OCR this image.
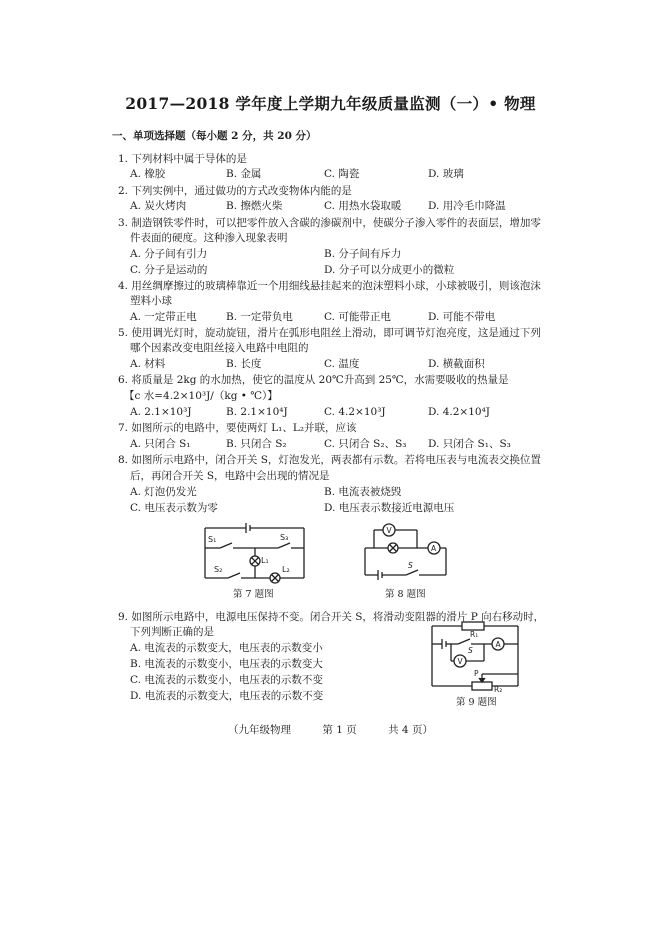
2017—2018 学年度上学期九年级质量监测（一）• 物理
一、单项选择题（每小题 2 分，共 20 分）
1. 下列材料中属于导体的是
A. 橡胶	B. 金属	C. 陶瓷	D. 玻璃
2. 下列实例中，通过做功的方式改变物体内能的是
A. 炭火烤肉	B. 擦燃火柴	C. 用热水袋取暖	D. 用冷毛巾降温
3. 制造钢铁零件时，可以把零件放入含碳的渗碳剂中，使碳分子渗入零件的表面层，增加零
件表面的硬度。这种渗入现象表明
A. 分子间有引力	B. 分子间有斥力
C. 分子是运动的	D. 分子可以分成更小的微粒
4. 用丝绸摩擦过的玻璃棒靠近一个用细线悬挂起来的泡沫塑料小球，小球被吸引，则该泡沫
塑料小球
A. 一定带正电	B. 一定带负电	C. 可能带正电	D. 可能不带电
5. 使用调光灯时，旋动旋钮，滑片在弧形电阻丝上滑动，即可调节灯泡亮度，这是通过下列
哪个因素改变电阻丝接入电路中电阻的
A. 材料	B. 长度	C. 温度	D. 横截面积
6. 将质量是 2kg 的水加热，使它的温度从 20℃升高到 25℃，水需要吸收的热量是
【c 水=4.2×10³J/（kg • ℃）】
A. 2.1×10³J	B. 2.1×10⁴J	C. 4.2×10³J	D. 4.2×10⁴J
7. 如图所示的电路中，要使两灯 L₁、L₂并联，应该
A. 只闭合 S₁	B. 只闭合 S₂	C. 只闭合 S₂、S₃ D. 只闭合 S₁、S₃
8. 如图所示电路中，闭合开关 S，灯泡发光，两表都有示数。若将电压表与电流表交换位置
后，再闭合开关 S，电路中会出现的情况是
A. 灯泡仍发光	B. 电流表被烧毁
C. 电压表示数为零	D. 电压表示数接近电源电压
S₁	S₃
S₂
L₁
L₂
第 7 题图
V
A
S
第 8 题图
9. 如图所示电路中，电源电压保持不变。闭合开关 S，将滑动变阻器的滑片 P 向右移动时，
下列判断正确的是
A. 电流表的示数变大，电压表的示数变小
B. 电流表的示数变小，电压表的示数变大
C. 电流表的示数变小，电压表的示数不变
D. 电流表的示数变大，电压表的示数不变
R₁
S
A
V
P
R₂
第 9 题图
（九年级物理	第 1 页	共 4 页）
